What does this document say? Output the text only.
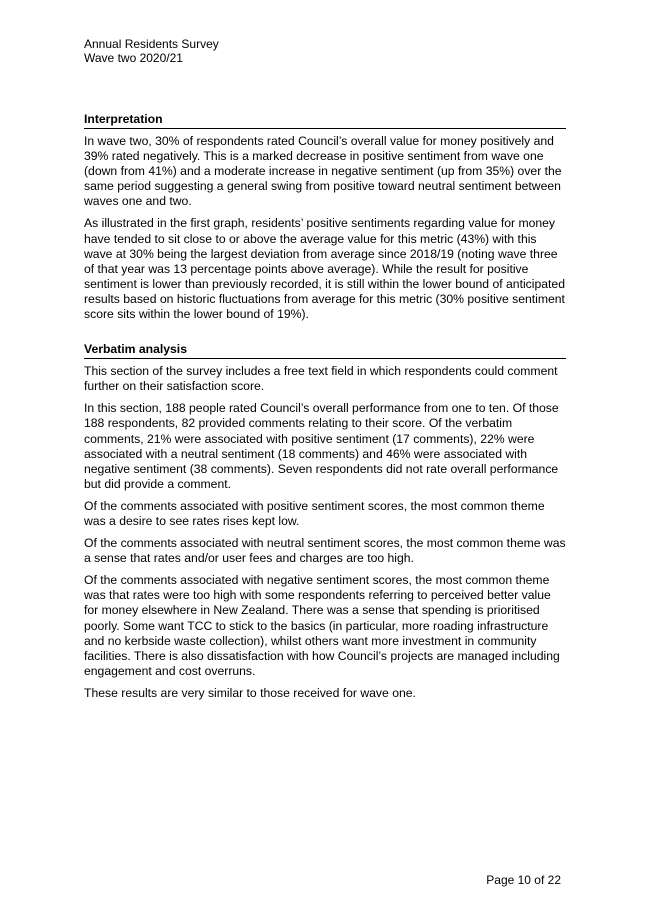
Annual Residents Survey
Wave two 2020/21
Interpretation

In wave two, 30% of respondents rated Council’s overall value for money positively and 39% rated negatively. This is a marked decrease in positive sentiment from wave one (down from 41%) and a moderate increase in negative sentiment (up from 35%) over the same period suggesting a general swing from positive toward neutral sentiment between waves one and two.

As illustrated in the first graph, residents’ positive sentiments regarding value for money have tended to sit close to or above the average value for this metric (43%) with this wave at 30% being the largest deviation from average since 2018/19 (noting wave three of that year was 13 percentage points above average). While the result for positive sentiment is lower than previously recorded, it is still within the lower bound of anticipated results based on historic fluctuations from average for this metric (30% positive sentiment score sits within the lower bound of 19%).

Verbatim analysis

This section of the survey includes a free text field in which respondents could comment further on their satisfaction score.

In this section, 188 people rated Council’s overall performance from one to ten. Of those 188 respondents, 82 provided comments relating to their score. Of the verbatim comments, 21% were associated with positive sentiment (17 comments), 22% were associated with a neutral sentiment (18 comments) and 46% were associated with negative sentiment (38 comments). Seven respondents did not rate overall performance but did provide a comment.

Of the comments associated with positive sentiment scores, the most common theme was a desire to see rates rises kept low.

Of the comments associated with neutral sentiment scores, the most common theme was a sense that rates and/or user fees and charges are too high.

Of the comments associated with negative sentiment scores, the most common theme was that rates were too high with some respondents referring to perceived better value for money elsewhere in New Zealand. There was a sense that spending is prioritised poorly. Some want TCC to stick to the basics (in particular, more roading infrastructure and no kerbside waste collection), whilst others want more investment in community facilities. There is also dissatisfaction with how Council’s projects are managed including engagement and cost overruns.

These results are very similar to those received for wave one.

Page 10 of 22
